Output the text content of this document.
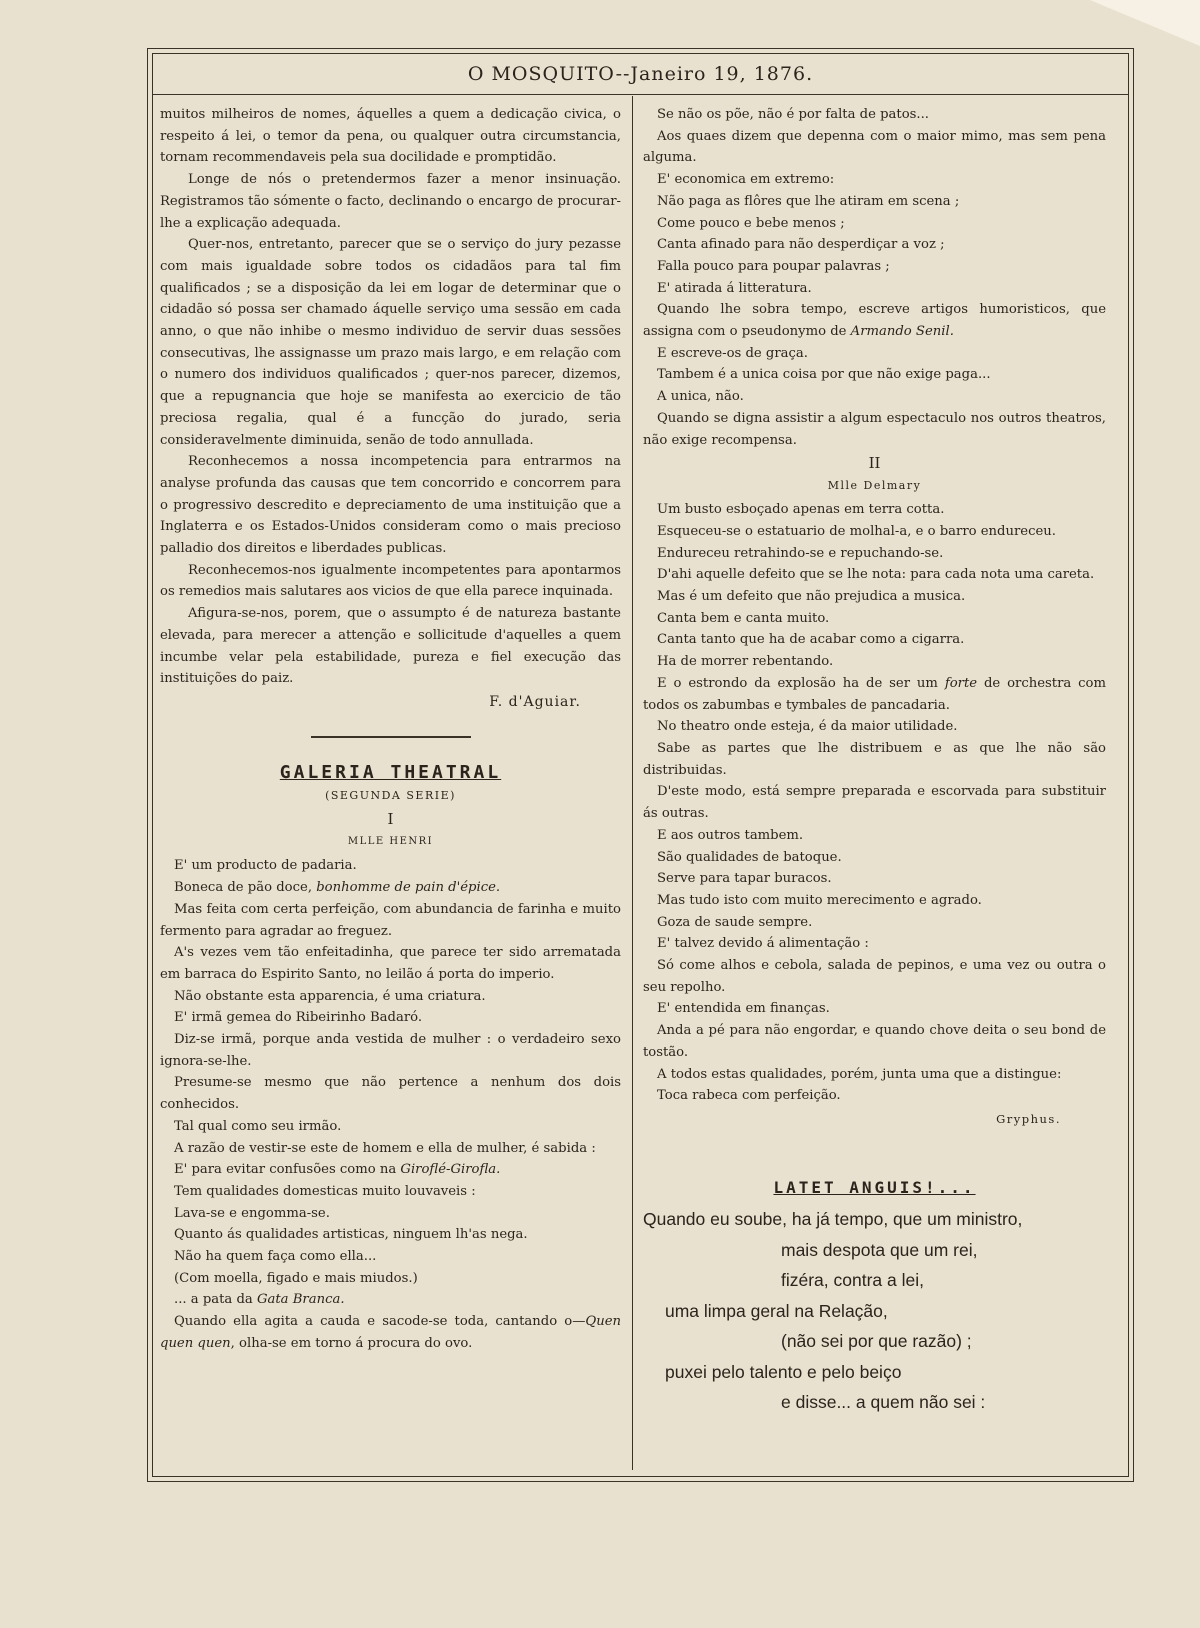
O MOSQUITO--Janeiro 19, 1876.

muitos milheiros de nomes, áquelles a quem a dedicação civica, o respeito á lei, o temor da pena, ou qualquer outra circumstancia, tornam recommendaveis pela sua docilidade e promptidão.

Longe de nós o pretendermos fazer a menor insinuação. Registramos tão sómente o facto, declinando o encargo de procurar-lhe a explicação adequada.

Quer-nos, entretanto, parecer que se o serviço do jury pezasse com mais igualdade sobre todos os cidadãos para tal fim qualificados ; se a disposição da lei em logar de determinar que o cidadão só possa ser chamado áquelle serviço uma sessão em cada anno, o que não inhibe o mesmo individuo de servir duas sessões consecutivas, lhe assignasse um prazo mais largo, e em relação com o numero dos individuos qualificados ; quer-nos parecer, dizemos, que a repugnancia que hoje se manifesta ao exercicio de tão preciosa regalia, qual é a funcção do jurado, seria consideravelmente diminuida, senão de todo annullada.

Reconhecemos a nossa incompetencia para entrarmos na analyse profunda das causas que tem concorrido e concorrem para o progressivo descredito e depreciamento de uma instituição que a Inglaterra e os Estados-Unidos consideram como o mais precioso palladio dos direitos e liberdades publicas.

Reconhecemos-nos igualmente incompetentes para apontarmos os remedios mais salutares aos vicios de que ella parece inquinada.

Afigura-se-nos, porem, que o assumpto é de natureza bastante elevada, para merecer a attenção e sollicitude d'aquelles a quem incumbe velar pela estabilidade, pureza e fiel execução das instituições do paiz.

F. d'Aguiar.

GALERIA THEATRAL
(SEGUNDA SERIE)
I
MLLE HENRI

E' um producto de padaria.

Boneca de pão doce, bonhomme de pain d'épice.

Mas feita com certa perfeição, com abundancia de farinha e muito fermento para agradar ao freguez.

A's vezes vem tão enfeitadinha, que parece ter sido arrematada em barraca do Espirito Santo, no leilão á porta do imperio.

Não obstante esta apparencia, é uma criatura.

E' irmã gemea do Ribeirinho Badaró.

Diz-se irmã, porque anda vestida de mulher : o verdadeiro sexo ignora-se-lhe.

Presume-se mesmo que não pertence a nenhum dos dois conhecidos.

Tal qual como seu irmão.

A razão de vestir-se este de homem e ella de mulher, é sabida :

E' para evitar confusões como na Giroflé-Girofla.

Tem qualidades domesticas muito louvaveis :

Lava-se e engomma-se.

Quanto ás qualidades artisticas, ninguem lh'as nega.

Não ha quem faça como ella...

(Com moella, figado e mais miudos.)

... a pata da Gata Branca.

Quando ella agita a cauda e sacode-se toda, cantando o—Quen quen quen, olha-se em torno á procura do ovo.

Se não os põe, não é por falta de patos...

Aos quaes dizem que depenna com o maior mimo, mas sem pena alguma.

E' economica em extremo:

Não paga as flôres que lhe atiram em scena ;

Come pouco e bebe menos ;

Canta afinado para não desperdiçar a voz ;

Falla pouco para poupar palavras ;

E' atirada á litteratura.

Quando lhe sobra tempo, escreve artigos humoristicos, que assigna com o pseudonymo de Armando Senil.

E escreve-os de graça.

Tambem é a unica coisa por que não exige paga...

A unica, não.

Quando se digna assistir a algum espectaculo nos outros theatros, não exige recompensa.

II
Mlle Delmary

Um busto esboçado apenas em terra cotta.

Esqueceu-se o estatuario de molhal-a, e o barro endureceu.

Endureceu retrahindo-se e repuchando-se.

D'ahi aquelle defeito que se lhe nota: para cada nota uma careta.

Mas é um defeito que não prejudica a musica.

Canta bem e canta muito.

Canta tanto que ha de acabar como a cigarra.

Ha de morrer rebentando.

E o estrondo da explosão ha de ser um forte de orchestra com todos os zabumbas e tymbales de pancadaria.

No theatro onde esteja, é da maior utilidade.

Sabe as partes que lhe distribuem e as que lhe não são distribuidas.

D'este modo, está sempre preparada e escorvada para substituir ás outras.

E aos outros tambem.

São qualidades de batoque.

Serve para tapar buracos.

Mas tudo isto com muito merecimento e agrado.

Goza de saude sempre.

E' talvez devido á alimentação :

Só come alhos e cebola, salada de pepinos, e uma vez ou outra o seu repolho.

E' entendida em finanças.

Anda a pé para não engordar, e quando chove deita o seu bond de tostão.

A todos estas qualidades, porém, junta uma que a distingue:

Toca rabeca com perfeição.

Gryphus.

LATET ANGUIS!...
Quando eu soube, ha já tempo, que um ministro,
mais despota que um rei,
fizéra, contra a lei,
uma limpa geral na Relação,
(não sei por que razão) ;
puxei pelo talento e pelo beiço
e disse... a quem não sei :
